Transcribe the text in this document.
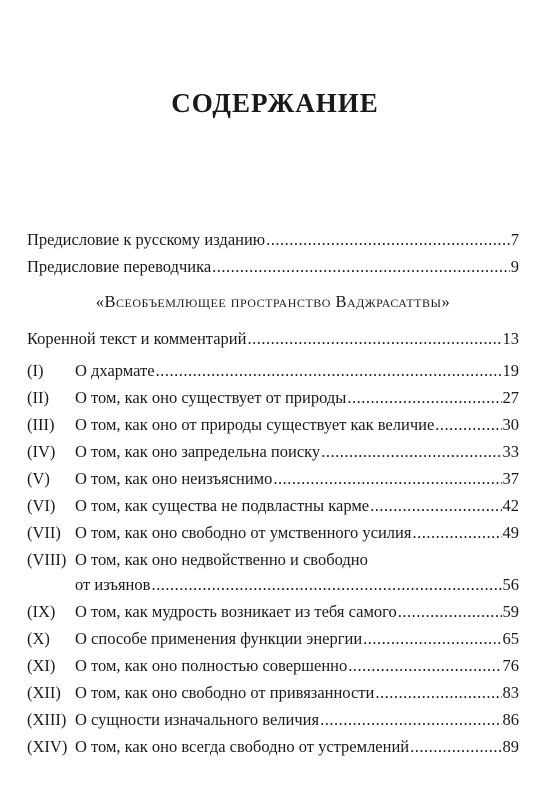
СОДЕРЖАНИЕ
Предисловие к русскому изданию .....	7
Предисловие переводчика .....	9
«Всеобъемлющее пространство Ваджрасаттвы»
Коренной текст и комментарий .....	13
(I)	О дхармате .....	19
(II)	О том, как оно существует от природы .....	27
(III)	О том, как оно от природы существует как величие .....	30
(IV)	О том, как оно запредельна поиску .....	33
(V)	О том, как оно неизъяснимо .....	37
(VI)	О том, как существа не подвластны карме .....	42
(VII) О том, как оно свободно от умственного усилия .....	49
(VIII) О том, как оно недвойственно и свободно
от изъянов .....	56
(IX)	О том, как мудрость возникает из тебя самого .....	59
(X)	О способе применения функции энергии .....	65
(XI)	О том, как оно полностью совершенно .....	76
(XII) О том, как оно свободно от привязанности .....	83
(XIII) О сущности изначального величия .....	86
(XIV) О том, как оно всегда свободно от устремлений .....	89
